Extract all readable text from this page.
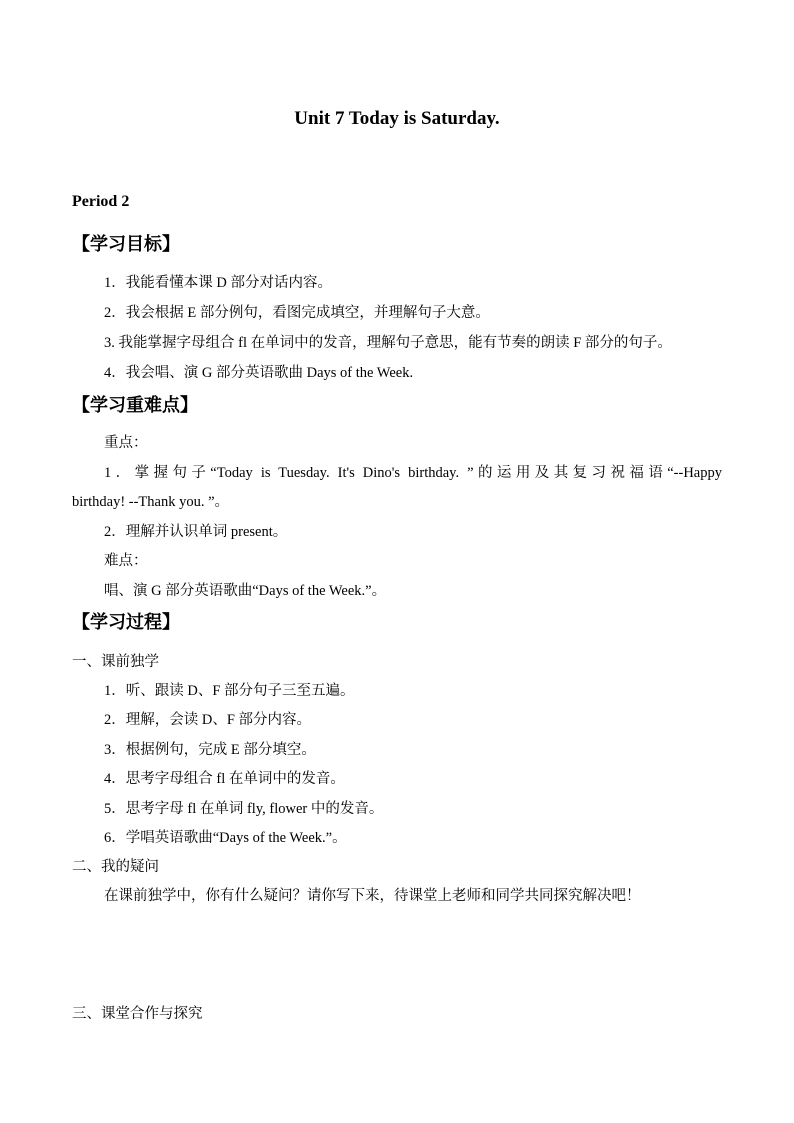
Unit 7 Today is Saturday.
Period 2
【学习目标】
1．我能看懂本课 D 部分对话内容。
2．我会根据 E 部分例句，看图完成填空，并理解句子大意。
3. 我能掌握字母组合 fl 在单词中的发音，理解句子意思，能有节奏的朗读 F 部分的句子。
4．我会唱、演 G 部分英语歌曲 Days of the Week.
【学习重难点】
重点：
1．掌握句子“Today is Tuesday. It's Dino's birthday. ”的运用及其复习祝福语“--Happy
birthday! --Thank you. ”。
2．理解并认识单词 present。
难点：
唱、演 G 部分英语歌曲“Days of the Week.”。
【学习过程】
一、课前独学
1．听、跟读 D、F 部分句子三至五遍。
2．理解，会读 D、F 部分内容。
3．根据例句，完成 E 部分填空。
4．思考字母组合 fl 在单词中的发音。
5．思考字母 fl 在单词 fly, flower 中的发音。
6．学唱英语歌曲“Days of the Week.”。
二、我的疑问
在课前独学中，你有什么疑问？请你写下来，待课堂上老师和同学共同探究解决吧！
三、课堂合作与探究
